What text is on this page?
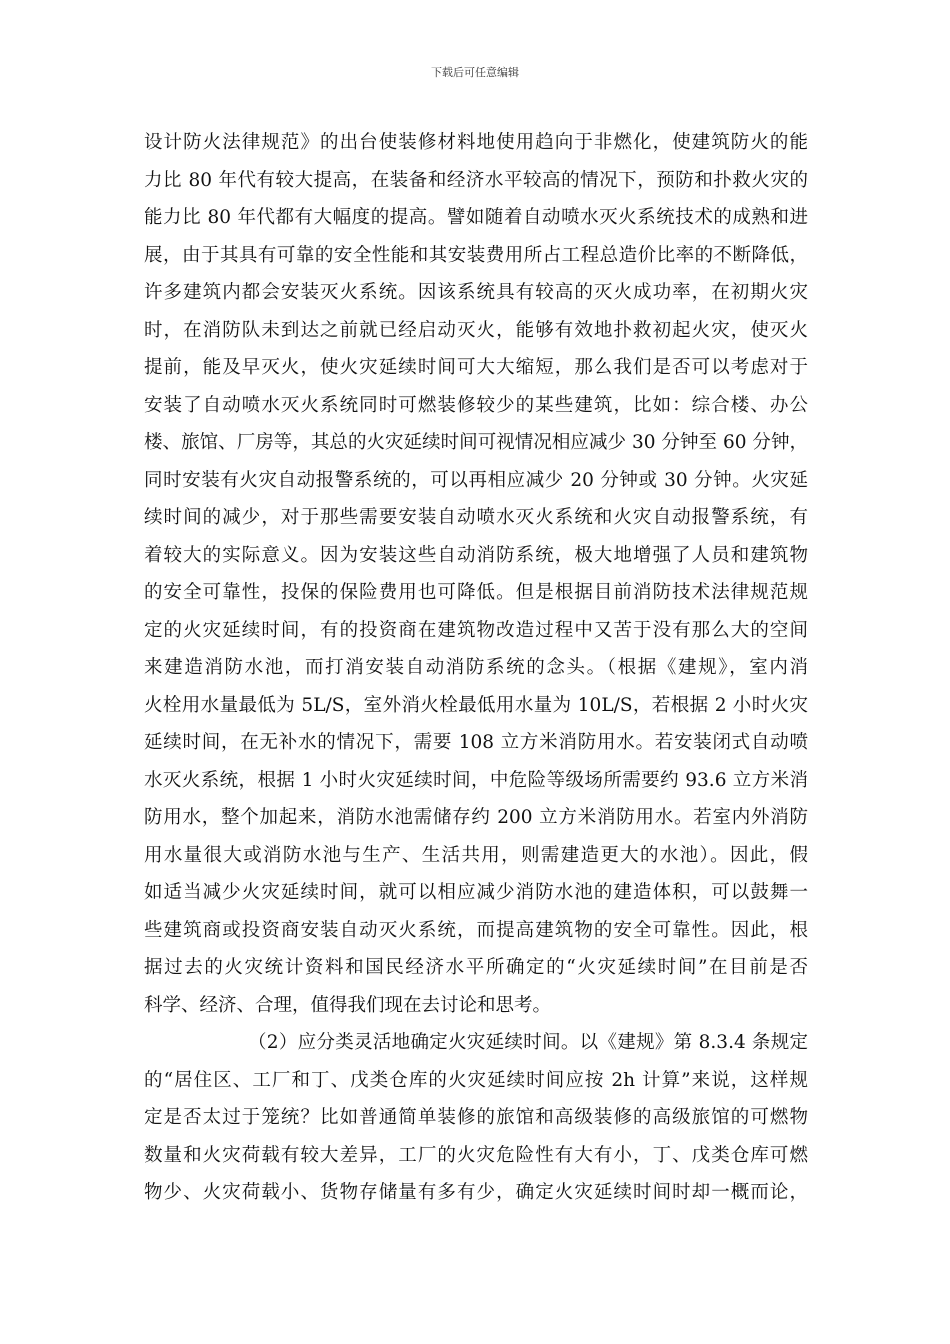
下载后可任意编辑
设计防火法律规范》的出台使装修材料地使用趋向于非燃化，使建筑防火的能
力比 80 年代有较大提高，在装备和经济水平较高的情况下，预防和扑救火灾的
能力比 80 年代都有大幅度的提高。譬如随着自动喷水灭火系统技术的成熟和进
展，由于其具有可靠的安全性能和其安装费用所占工程总造价比率的不断降低，
许多建筑内都会安装灭火系统。因该系统具有较高的灭火成功率，在初期火灾
时，在消防队未到达之前就已经启动灭火，能够有效地扑救初起火灾，使灭火
提前，能及早灭火，使火灾延续时间可大大缩短，那么我们是否可以考虑对于
安装了自动喷水灭火系统同时可燃装修较少的某些建筑，比如：综合楼、办公
楼、旅馆、厂房等，其总的火灾延续时间可视情况相应减少 30 分钟至 60 分钟，
同时安装有火灾自动报警系统的，可以再相应减少 20 分钟或 30 分钟。火灾延
续时间的减少，对于那些需要安装自动喷水灭火系统和火灾自动报警系统，有
着较大的实际意义。因为安装这些自动消防系统，极大地增强了人员和建筑物
的安全可靠性，投保的保险费用也可降低。但是根据目前消防技术法律规范规
定的火灾延续时间，有的投资商在建筑物改造过程中又苦于没有那么大的空间
来建造消防水池，而打消安装自动消防系统的念头。（根据《建规》，室内消
火栓用水量最低为 5L/S，室外消火栓最低用水量为 10L/S，若根据 2 小时火灾
延续时间，在无补水的情况下，需要 108 立方米消防用水。若安装闭式自动喷
水灭火系统，根据 1 小时火灾延续时间，中危险等级场所需要约 93.6 立方米消
防用水，整个加起来，消防水池需储存约 200 立方米消防用水。若室内外消防
用水量很大或消防水池与生产、生活共用，则需建造更大的水池）。因此，假
如适当减少火灾延续时间，就可以相应减少消防水池的建造体积，可以鼓舞一
些建筑商或投资商安装自动灭火系统，而提高建筑物的安全可靠性。因此，根
据过去的火灾统计资料和国民经济水平所确定的“火灾延续时间”在目前是否
科学、经济、合理，值得我们现在去讨论和思考。
（2）应分类灵活地确定火灾延续时间。以《建规》第 8.3.4 条规定
的“居住区、工厂和丁、戊类仓库的火灾延续时间应按 2h 计算”来说，这样规
定是否太过于笼统？比如普通简单装修的旅馆和高级装修的高级旅馆的可燃物
数量和火灾荷载有较大差异，工厂的火灾危险性有大有小，丁、戊类仓库可燃
物少、火灾荷载小、货物存储量有多有少，确定火灾延续时间时却一概而论，
